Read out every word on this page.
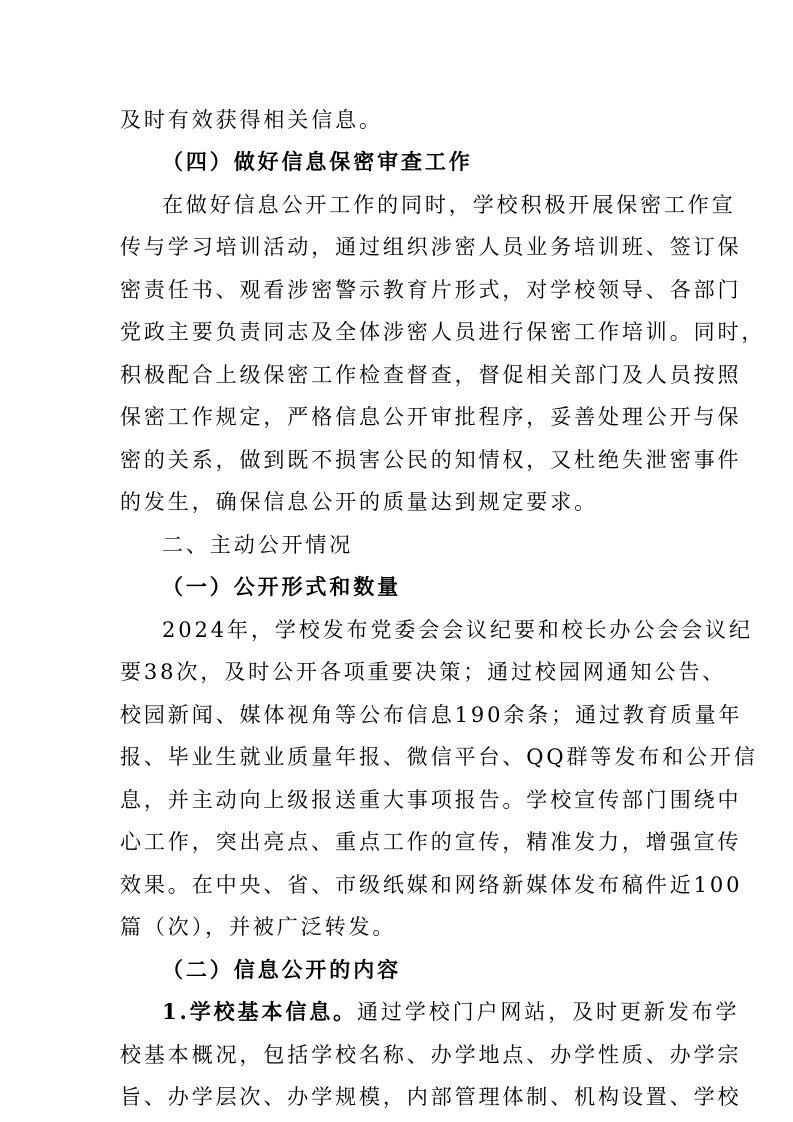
及时有效获得相关信息。
（四）做好信息保密审查工作
在做好信息公开工作的同时，学校积极开展保密工作宣
传与学习培训活动，通过组织涉密人员业务培训班、签订保
密责任书、观看涉密警示教育片形式，对学校领导、各部门
党政主要负责同志及全体涉密人员进行保密工作培训。同时，
积极配合上级保密工作检查督查，督促相关部门及人员按照
保密工作规定，严格信息公开审批程序，妥善处理公开与保
密的关系，做到既不损害公民的知情权，又杜绝失泄密事件
的发生，确保信息公开的质量达到规定要求。
二、主动公开情况
（一）公开形式和数量
2024年，学校发布党委会会议纪要和校长办公会会议纪
要38次，及时公开各项重要决策；通过校园网通知公告、
校园新闻、媒体视角等公布信息190余条；通过教育质量年
报、毕业生就业质量年报、微信平台、QQ群等发布和公开信
息，并主动向上级报送重大事项报告。学校宣传部门围绕中
心工作，突出亮点、重点工作的宣传，精准发力，增强宣传
效果。在中央、省、市级纸媒和网络新媒体发布稿件近100
篇（次），并被广泛转发。
（二）信息公开的内容
1.学校基本信息。通过学校门户网站，及时更新发布学
校基本概况，包括学校名称、办学地点、办学性质、办学宗
旨、办学层次、办学规模，内部管理体制、机构设置、学校
